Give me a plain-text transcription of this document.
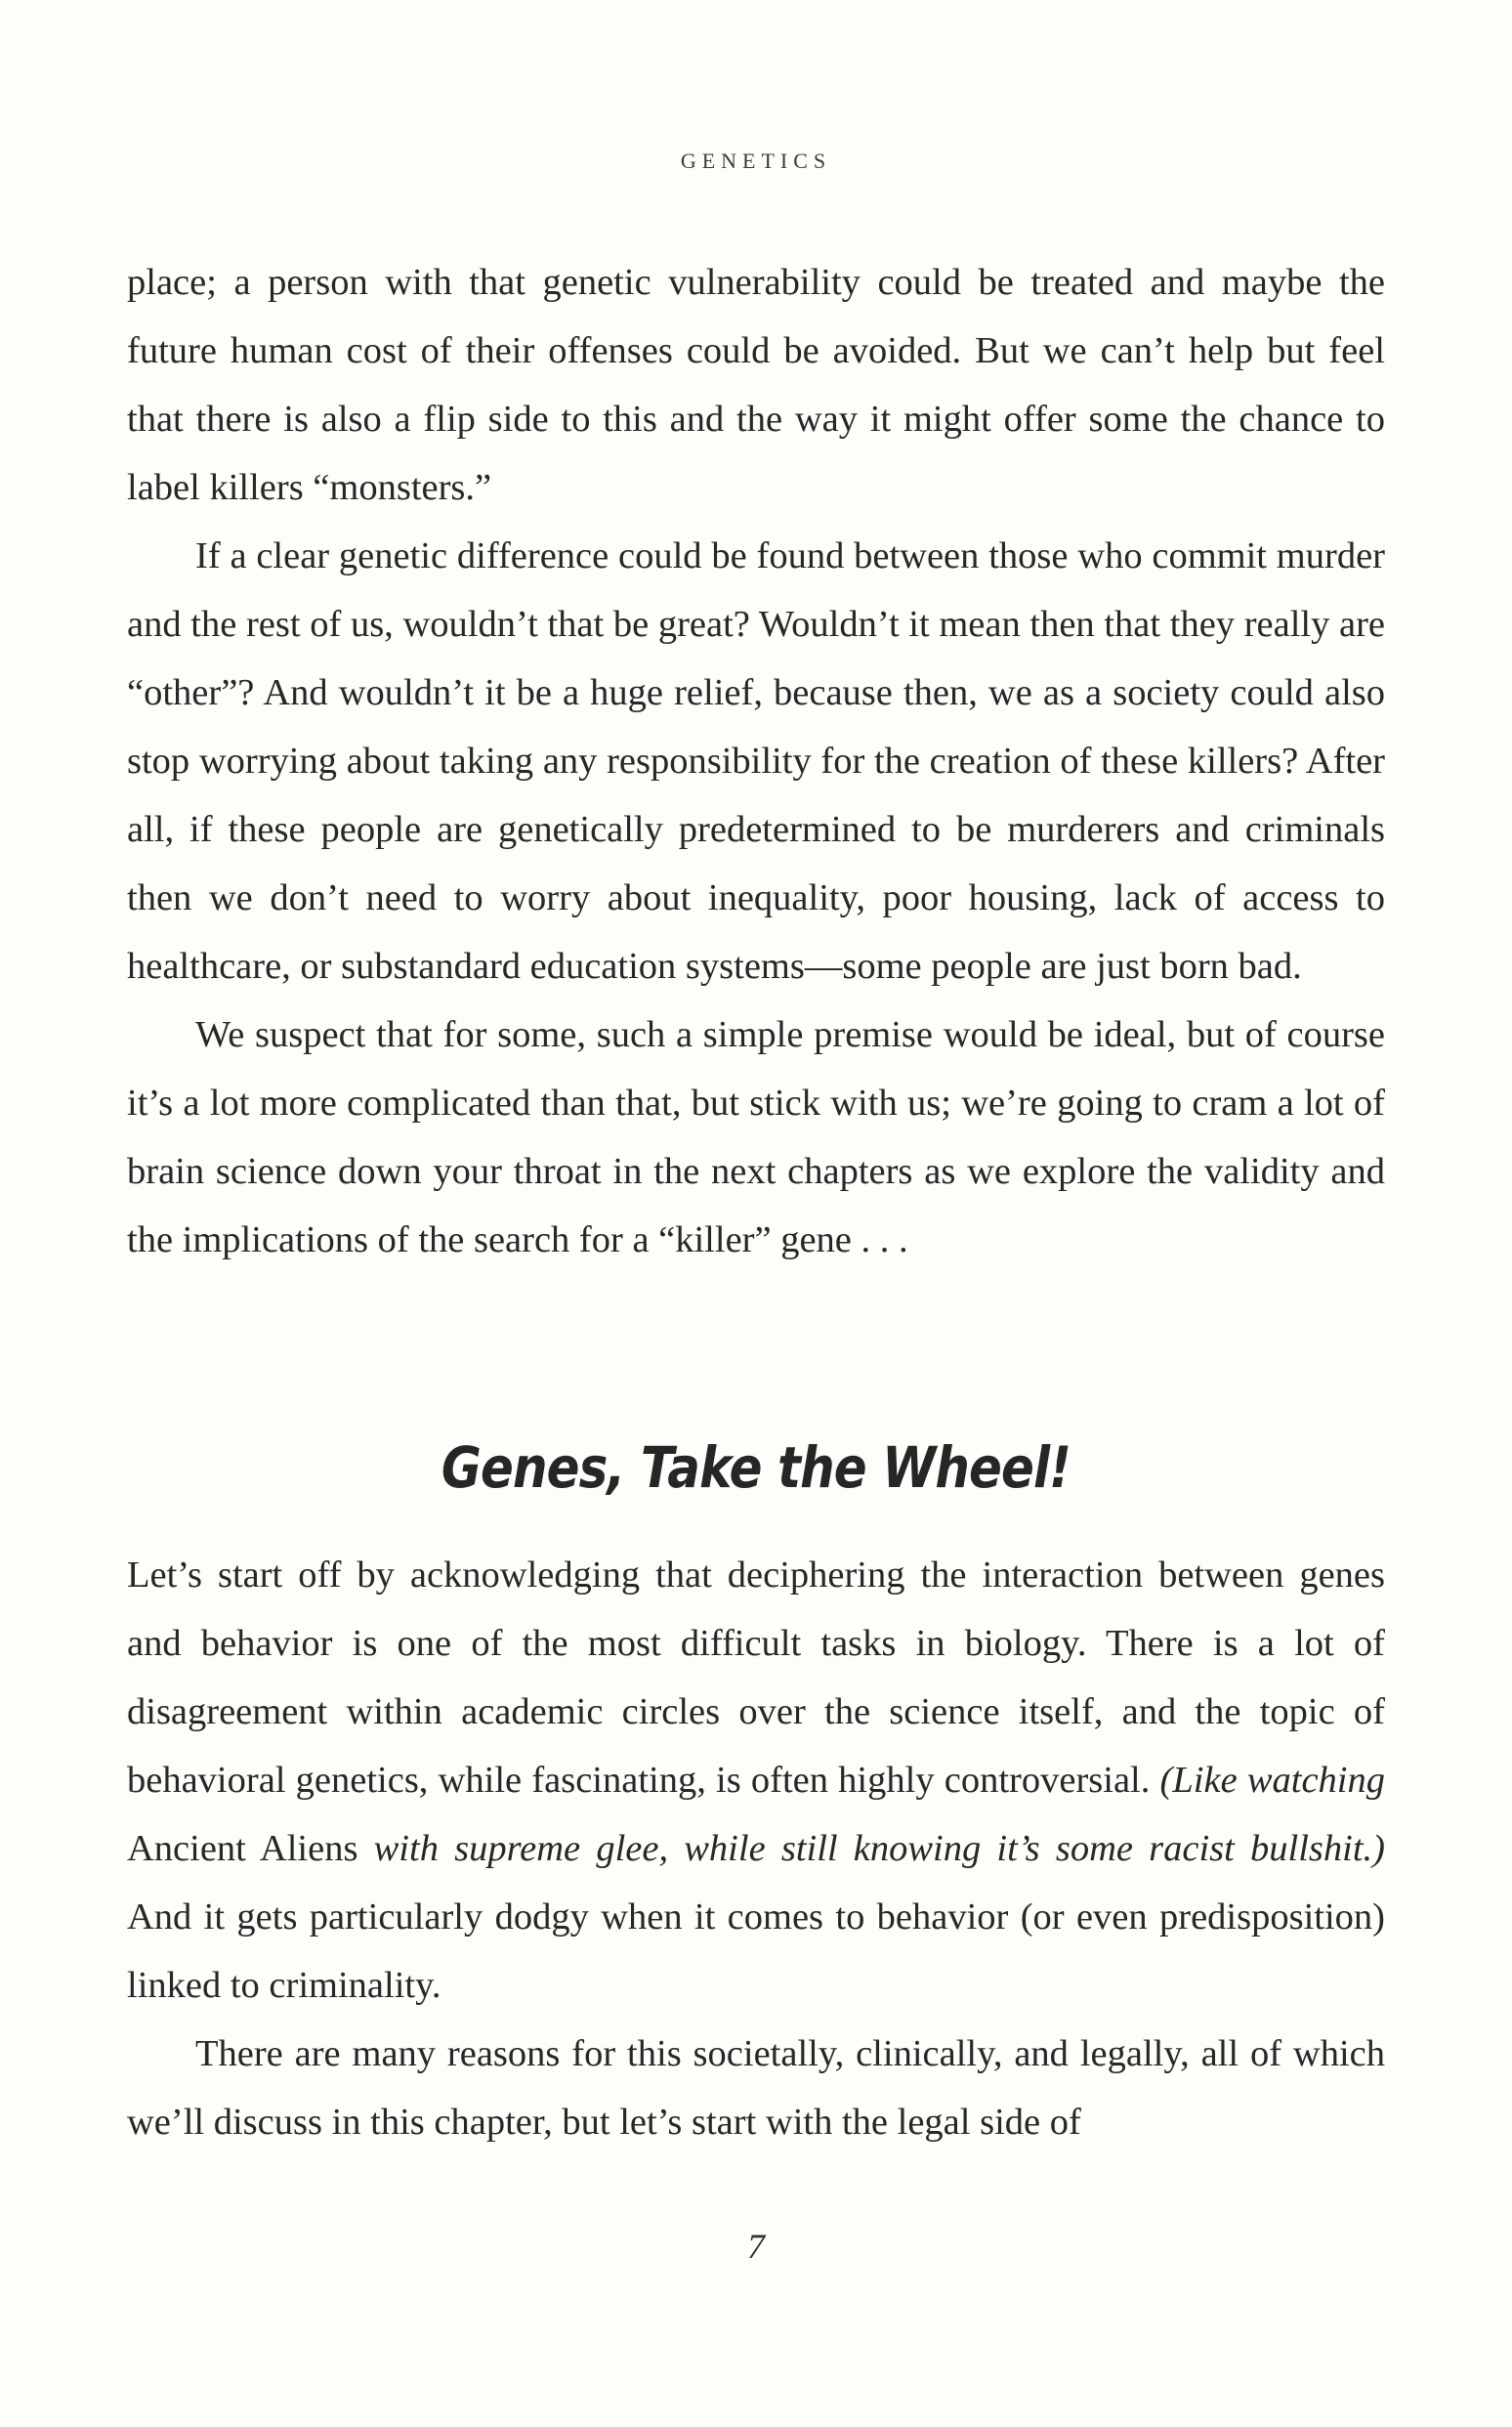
GENETICS

place; a person with that genetic vulnerability could be treated and maybe the future human cost of their offenses could be avoided. But we can’t help but feel that there is also a flip side to this and the way it might offer some the chance to label killers “monsters.”

If a clear genetic difference could be found between those who commit murder and the rest of us, wouldn’t that be great? Wouldn’t it mean then that they really are “other”? And wouldn’t it be a huge relief, because then, we as a society could also stop worrying about taking any responsibility for the creation of these killers? After all, if these people are genetically predetermined to be murderers and criminals then we don’t need to worry about inequality, poor housing, lack of access to healthcare, or substandard education systems—some people are just born bad.

We suspect that for some, such a simple premise would be ideal, but of course it’s a lot more complicated than that, but stick with us; we’re going to cram a lot of brain science down your throat in the next chapters as we explore the validity and the implications of the search for a “killer” gene . . .

Genes, Take the Wheel!

Let’s start off by acknowledging that deciphering the interaction between genes and behavior is one of the most difficult tasks in biology. There is a lot of disagreement within academic circles over the science itself, and the topic of behavioral genetics, while fascinating, is often highly controversial. (Like watching Ancient Aliens with supreme glee, while still knowing it’s some racist bullshit.) And it gets particularly dodgy when it comes to behavior (or even predisposition) linked to criminality.

There are many reasons for this societally, clinically, and legally, all of which we’ll discuss in this chapter, but let’s start with the legal side of

7
